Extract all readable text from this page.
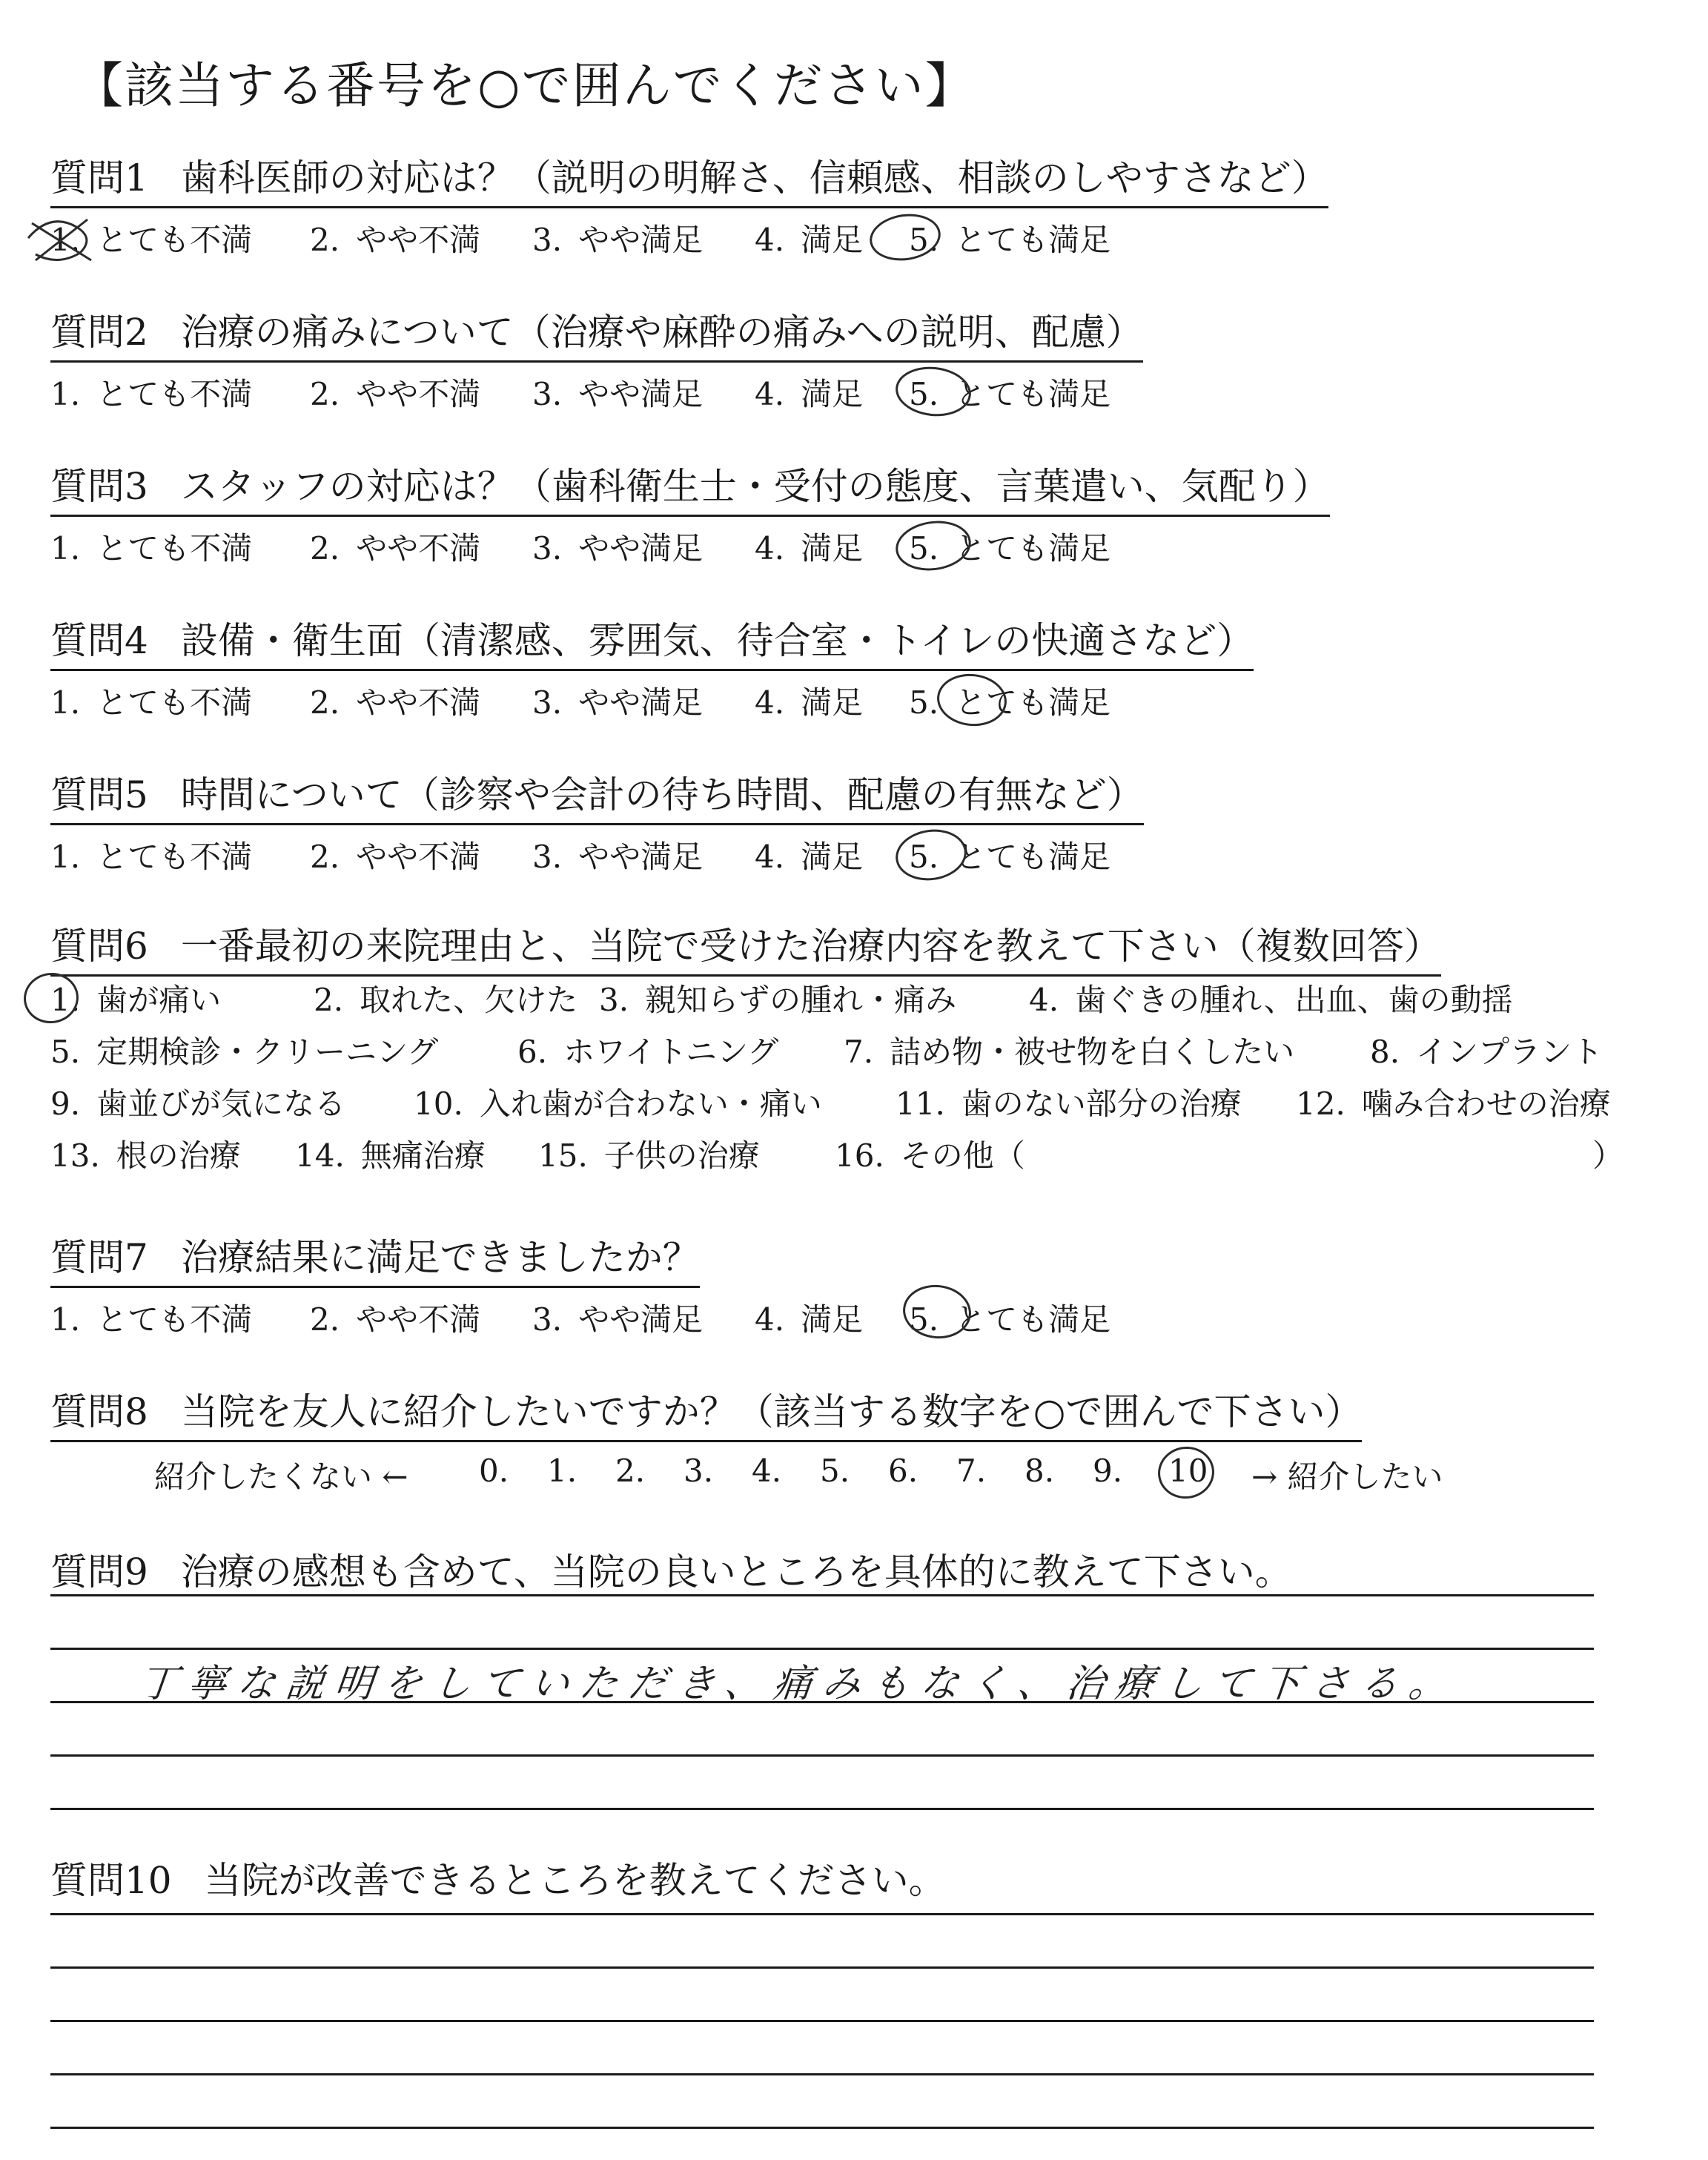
【該当する番号を○で囲んでください】
質問1 歯科医師の対応は？（説明の明解さ、信頼感、相談のしやすさなど）
1. とても不満 2. やや不満 3. やや満足 4. 満足 5. とても満足
質問2 治療の痛みについて（治療や麻酔の痛みへの説明、配慮）
1. とても不満 2. やや不満 3. やや満足 4. 満足 5. とても満足
質問3 スタッフの対応は？（歯科衛生士・受付の態度、言葉遣い、気配り）
1. とても不満 2. やや不満 3. やや満足 4. 満足 5. とても満足
質問4 設備・衛生面（清潔感、雰囲気、待合室・トイレの快適さなど）
1. とても不満 2. やや不満 3. やや満足 4. 満足 5. とても満足
質問5 時間について（診察や会計の待ち時間、配慮の有無など）
1. とても不満 2. やや不満 3. やや満足 4. 満足 5. とても満足
質問6 一番最初の来院理由と、当院で受けた治療内容を教えて下さい（複数回答）
1. 歯が痛い	2. 取れた、欠けた 3. 親知らずの腫れ・痛み 4. 歯ぐきの腫れ、出血、歯の動揺
5. 定期検診・クリーニング	6. ホワイトニング 7. 詰め物・被せ物を白くしたい 8. インプラント
9. 歯並びが気になる 10. 入れ歯が合わない・痛い 11. 歯のない部分の治療 12. 噛み合わせの治療
13. 根の治療 14. 無痛治療 15. 子供の治療 16. その他（	）
質問7 治療結果に満足できましたか？
1. とても不満 2. やや不満 3. やや満足 4. 満足 5. とても満足
質問8 当院を友人に紹介したいですか？（該当する数字を○で囲んで下さい）
紹介したくない ← 0. 1. 2. 3. 4. 5. 6. 7. 8. 9. 10 → 紹介したい
質問9 治療の感想も含めて、当院の良いところを具体的に教えて下さい。
丁寧な説明をしていただき、痛みもなく、治療して下さる。
質問10 当院が改善できるところを教えてください。
